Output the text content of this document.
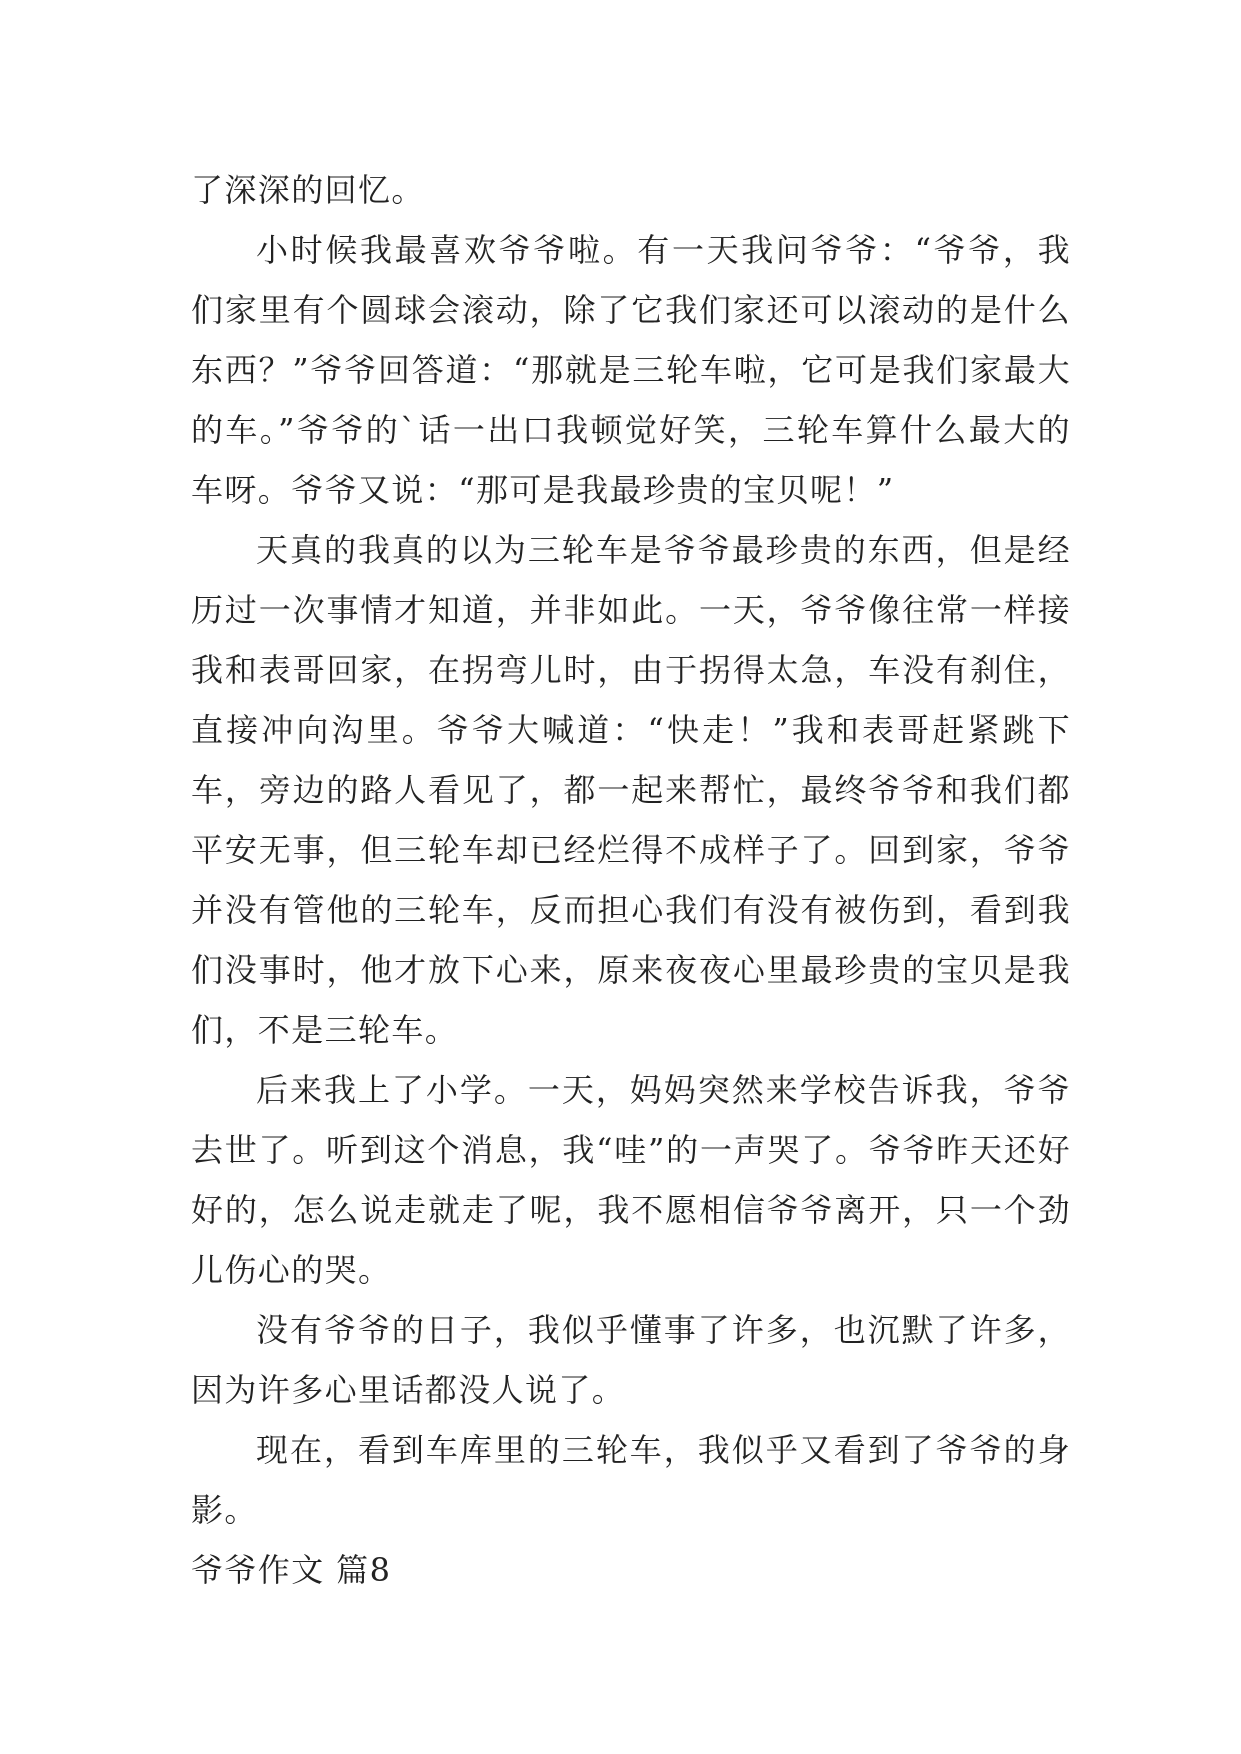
了深深的回忆。

小时候我最喜欢爷爷啦。有一天我问爷爷：“爷爷，我们家里有个圆球会滚动，除了它我们家还可以滚动的是什么东西？”爷爷回答道：“那就是三轮车啦，它可是我们家最大的车。”爷爷的`话一出口我顿觉好笑，三轮车算什么最大的车呀。爷爷又说：“那可是我最珍贵的宝贝呢！”

天真的我真的以为三轮车是爷爷最珍贵的东西，但是经历过一次事情才知道，并非如此。一天，爷爷像往常一样接我和表哥回家，在拐弯儿时，由于拐得太急，车没有刹住，直接冲向沟里。爷爷大喊道：“快走！”我和表哥赶紧跳下车，旁边的路人看见了，都一起来帮忙，最终爷爷和我们都平安无事，但三轮车却已经烂得不成样子了。回到家，爷爷并没有管他的三轮车，反而担心我们有没有被伤到，看到我们没事时，他才放下心来，原来夜夜心里最珍贵的宝贝是我们，不是三轮车。

后来我上了小学。一天，妈妈突然来学校告诉我，爷爷去世了。听到这个消息，我“哇”的一声哭了。爷爷昨天还好好的，怎么说走就走了呢，我不愿相信爷爷离开，只一个劲儿伤心的哭。

没有爷爷的日子，我似乎懂事了许多，也沉默了许多，因为许多心里话都没人说了。

现在，看到车库里的三轮车，我似乎又看到了爷爷的身影。

爷爷作文 篇8
